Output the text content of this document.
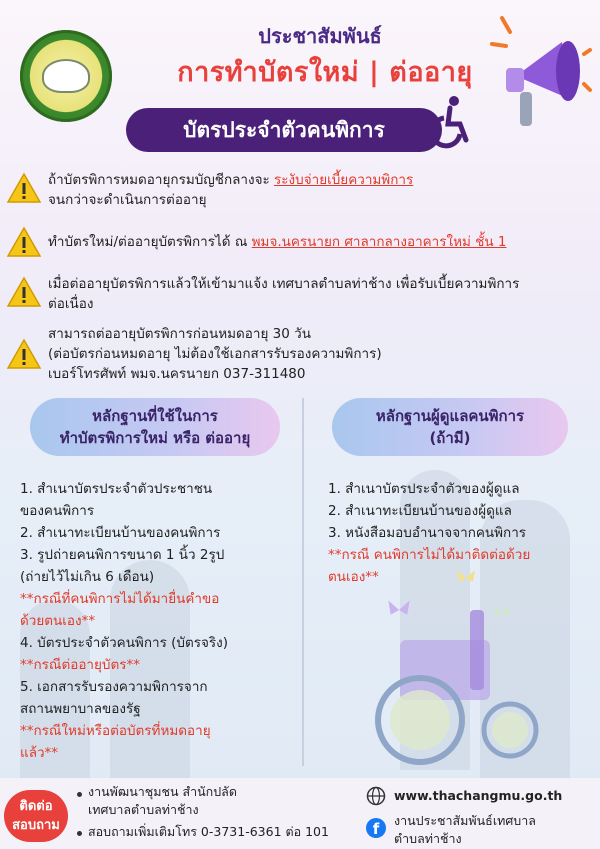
ประชาสัมพันธ์
การทำบัตรใหม่ | ต่ออายุ
บัตรประจำตัวคนพิการ
ถ้าบัตรพิการหมดอายุกรมบัญชีกลางจะ ระงับจ่ายเบี้ยความพิการ
จนกว่าจะดำเนินการต่ออายุ
ทำบัตรใหม่/ต่ออายุบัตรพิการได้ ณ พมจ.นครนายก ศาลากลางอาคารใหม่ ชั้น 1
เมื่อต่ออายุบัตรพิการแล้วให้เข้ามาแจ้ง เทศบาลตำบลท่าช้าง เพื่อรับเบี้ยความพิการ
ต่อเนื่อง
สามารถต่ออายุบัตรพิการก่อนหมดอายุ 30 วัน
(ต่อบัตรก่อนหมดอายุ ไม่ต้องใช้เอกสารรับรองความพิการ)
เบอร์โทรศัพท์ พมจ.นครนายก 037-311480
หลักฐานที่ใช้ในการ
ทำบัตรพิการใหม่ หรือ ต่ออายุ
หลักฐานผู้ดูแลคนพิการ
(ถ้ามี)
1. สำเนาบัตรประจำตัวประชาชน
ของคนพิการ
2. สำเนาทะเบียนบ้านของคนพิการ
3. รูปถ่ายคนพิการขนาด 1 นิ้ว 2รูป
(ถ่ายไว้ไม่เกิน 6 เดือน)
**กรณีที่คนพิการไม่ได้มายื่นคำขอ
ด้วยตนเอง**
4. บัตรประจำตัวคนพิการ (บัตรจริง)
**กรณีต่ออายุบัตร**
5. เอกสารรับรองความพิการจาก
สถานพยาบาลของรัฐ
**กรณีใหม่หรือต่อบัตรที่หมดอายุ
แล้ว**
1. สำเนาบัตรประจำตัวของผู้ดูแล
2. สำเนาทะเบียนบ้านของผู้ดูแล
3. หนังสือมอบอำนาจจากคนพิการ
**กรณี คนพิการไม่ได้มาติดต่อด้วย
ตนเอง**
ติดต่อ
สอบถาม
งานพัฒนาชุมชน สำนักปลัด
เทศบาลตำบลท่าช้าง
สอบถามเพิ่มเติมโทร 0-3731-6361 ต่อ 101
www.thachangmu.go.th
f	งานประชาสัมพันธ์เทศบาล
ตำบลท่าช้าง
